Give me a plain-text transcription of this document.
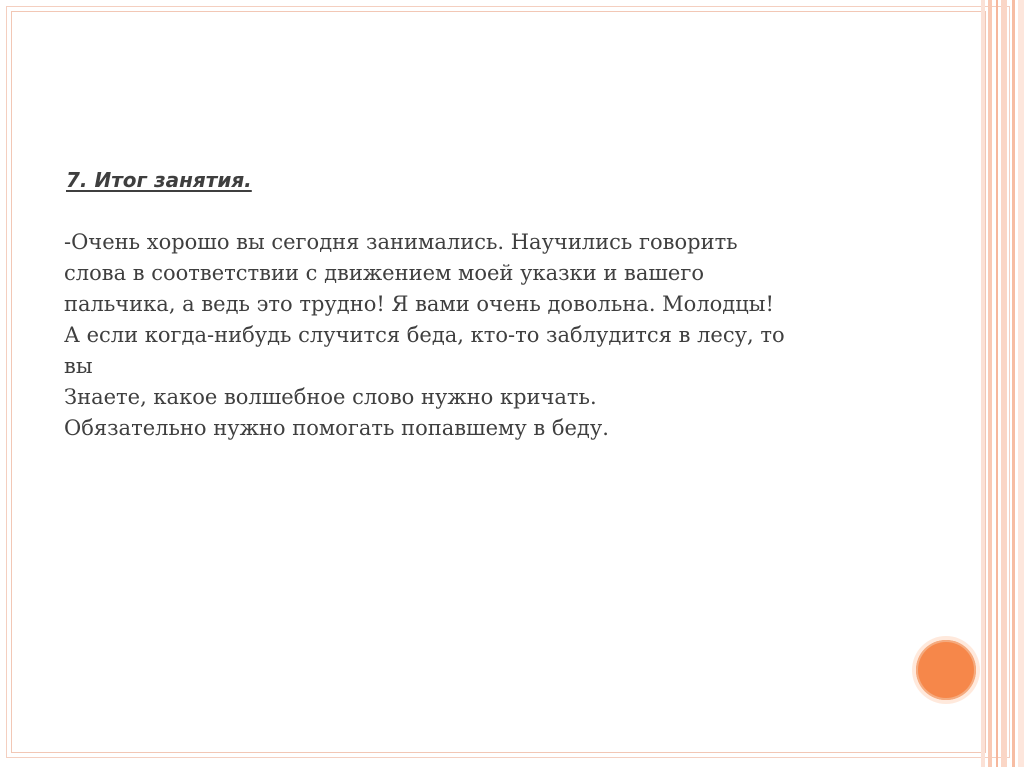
7. Итог занятия.
-Очень хорошо вы сегодня занимались. Научились говорить
слова в соответствии с движением моей указки и вашего
пальчика, а ведь это трудно! Я вами очень довольна. Молодцы!
А если когда-нибудь случится беда, кто-то заблудится в лесу, то
вы
Знаете, какое волшебное слово нужно кричать.
Обязательно нужно помогать попавшему в беду.
